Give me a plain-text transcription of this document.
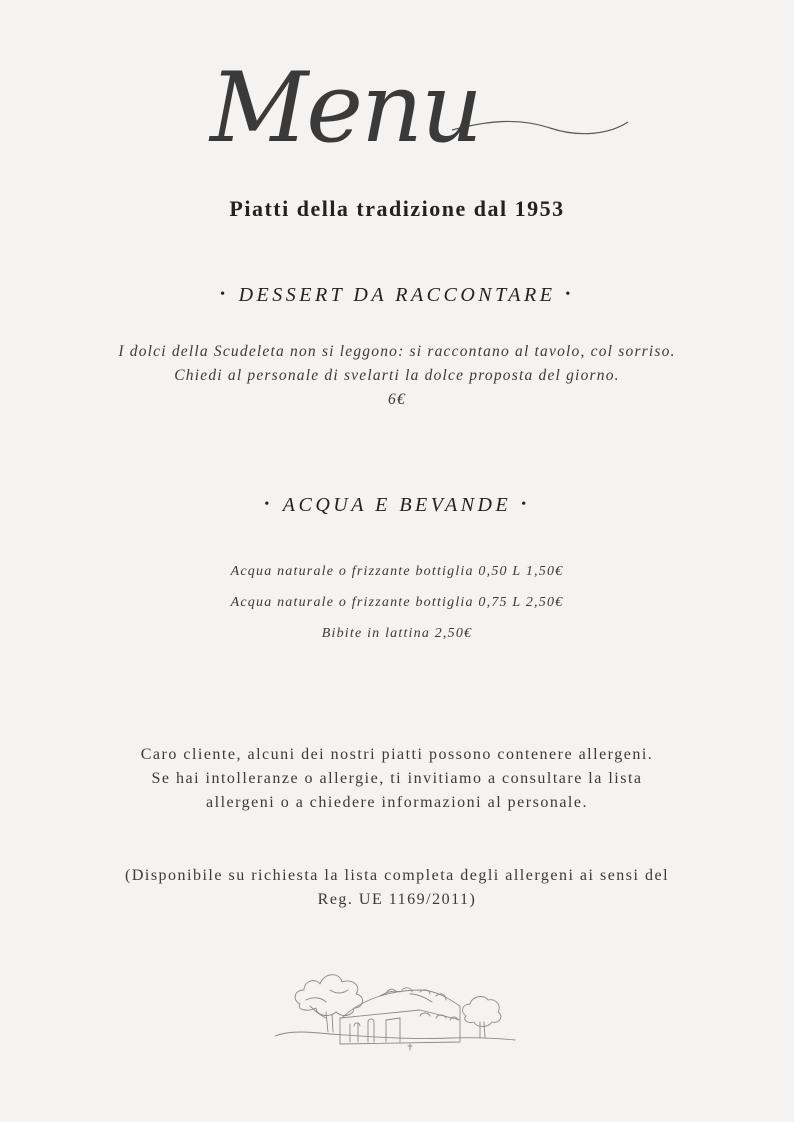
Menu
Piatti della tradizione dal 1953
• DESSERT DA RACCONTARE •
I dolci della Scudeleta non si leggono: si raccontano al tavolo, col sorriso.
Chiedi al personale di svelarti la dolce proposta del giorno.
6€
• ACQUA E BEVANDE •
Acqua naturale o frizzante bottiglia 0,50 L 1,50€
Acqua naturale o frizzante bottiglia 0,75 L 2,50€
Bibite in lattina 2,50€
Caro cliente, alcuni dei nostri piatti possono contenere allergeni.
Se hai intolleranze o allergie, ti invitiamo a consultare la lista
allergeni o a chiedere informazioni al personale.
(Disponibile su richiesta la lista completa degli allergeni ai sensi del
Reg. UE 1169/2011)
